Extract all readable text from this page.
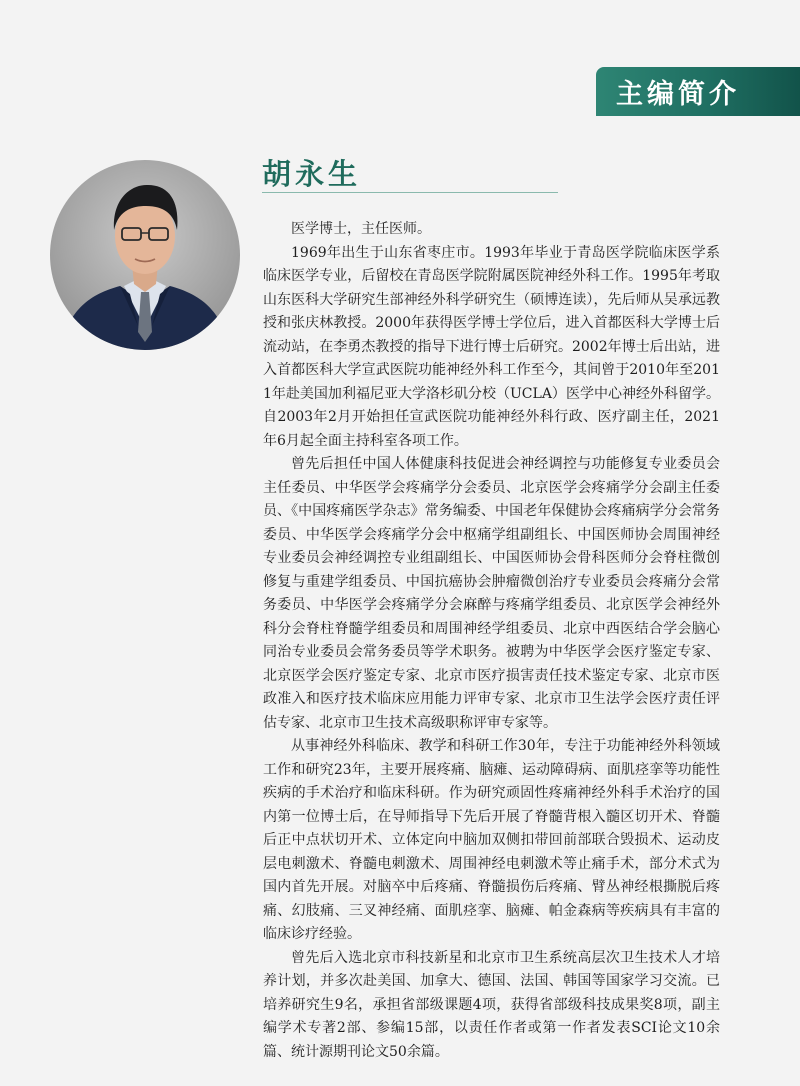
主编简介
胡永生

医学博士，主任医师。

1969年出生于山东省枣庄市。1993年毕业于青岛医学院临床医学系临床医学专业，后留校在青岛医学院附属医院神经外科工作。1995年考取山东医科大学研究生部神经外科学研究生（硕博连读），先后师从吴承远教授和张庆林教授。2000年获得医学博士学位后，进入首都医科大学博士后流动站，在李勇杰教授的指导下进行博士后研究。2002年博士后出站，进入首都医科大学宣武医院功能神经外科工作至今，其间曾于2010年至2011年赴美国加利福尼亚大学洛杉矶分校（UCLA）医学中心神经外科留学。自2003年2月开始担任宣武医院功能神经外科行政、医疗副主任，2021年6月起全面主持科室各项工作。

曾先后担任中国人体健康科技促进会神经调控与功能修复专业委员会主任委员、中华医学会疼痛学分会委员、北京医学会疼痛学分会副主任委员、《中国疼痛医学杂志》常务编委、中国老年保健协会疼痛病学分会常务委员、中华医学会疼痛学分会中枢痛学组副组长、中国医师协会周围神经专业委员会神经调控专业组副组长、中国医师协会骨科医师分会脊柱微创修复与重建学组委员、中国抗癌协会肿瘤微创治疗专业委员会疼痛分会常务委员、中华医学会疼痛学分会麻醉与疼痛学组委员、北京医学会神经外科分会脊柱脊髓学组委员和周围神经学组委员、北京中西医结合学会脑心同治专业委员会常务委员等学术职务。被聘为中华医学会医疗鉴定专家、北京医学会医疗鉴定专家、北京市医疗损害责任技术鉴定专家、北京市医政准入和医疗技术临床应用能力评审专家、北京市卫生法学会医疗责任评估专家、北京市卫生技术高级职称评审专家等。

从事神经外科临床、教学和科研工作30年，专注于功能神经外科领域工作和研究23年，主要开展疼痛、脑瘫、运动障碍病、面肌痉挛等功能性疾病的手术治疗和临床科研。作为研究顽固性疼痛神经外科手术治疗的国内第一位博士后，在导师指导下先后开展了脊髓背根入髓区切开术、脊髓后正中点状切开术、立体定向中脑加双侧扣带回前部联合毁损术、运动皮层电刺激术、脊髓电刺激术、周围神经电刺激术等止痛手术，部分术式为国内首先开展。对脑卒中后疼痛、脊髓损伤后疼痛、臂丛神经根撕脱后疼痛、幻肢痛、三叉神经痛、面肌痉挛、脑瘫、帕金森病等疾病具有丰富的临床诊疗经验。

曾先后入选北京市科技新星和北京市卫生系统高层次卫生技术人才培养计划，并多次赴美国、加拿大、德国、法国、韩国等国家学习交流。已培养研究生9名，承担省部级课题4项，获得省部级科技成果奖8项，副主编学术专著2部、参编15部，以责任作者或第一作者发表SCI论文10余篇、统计源期刊论文50余篇。
